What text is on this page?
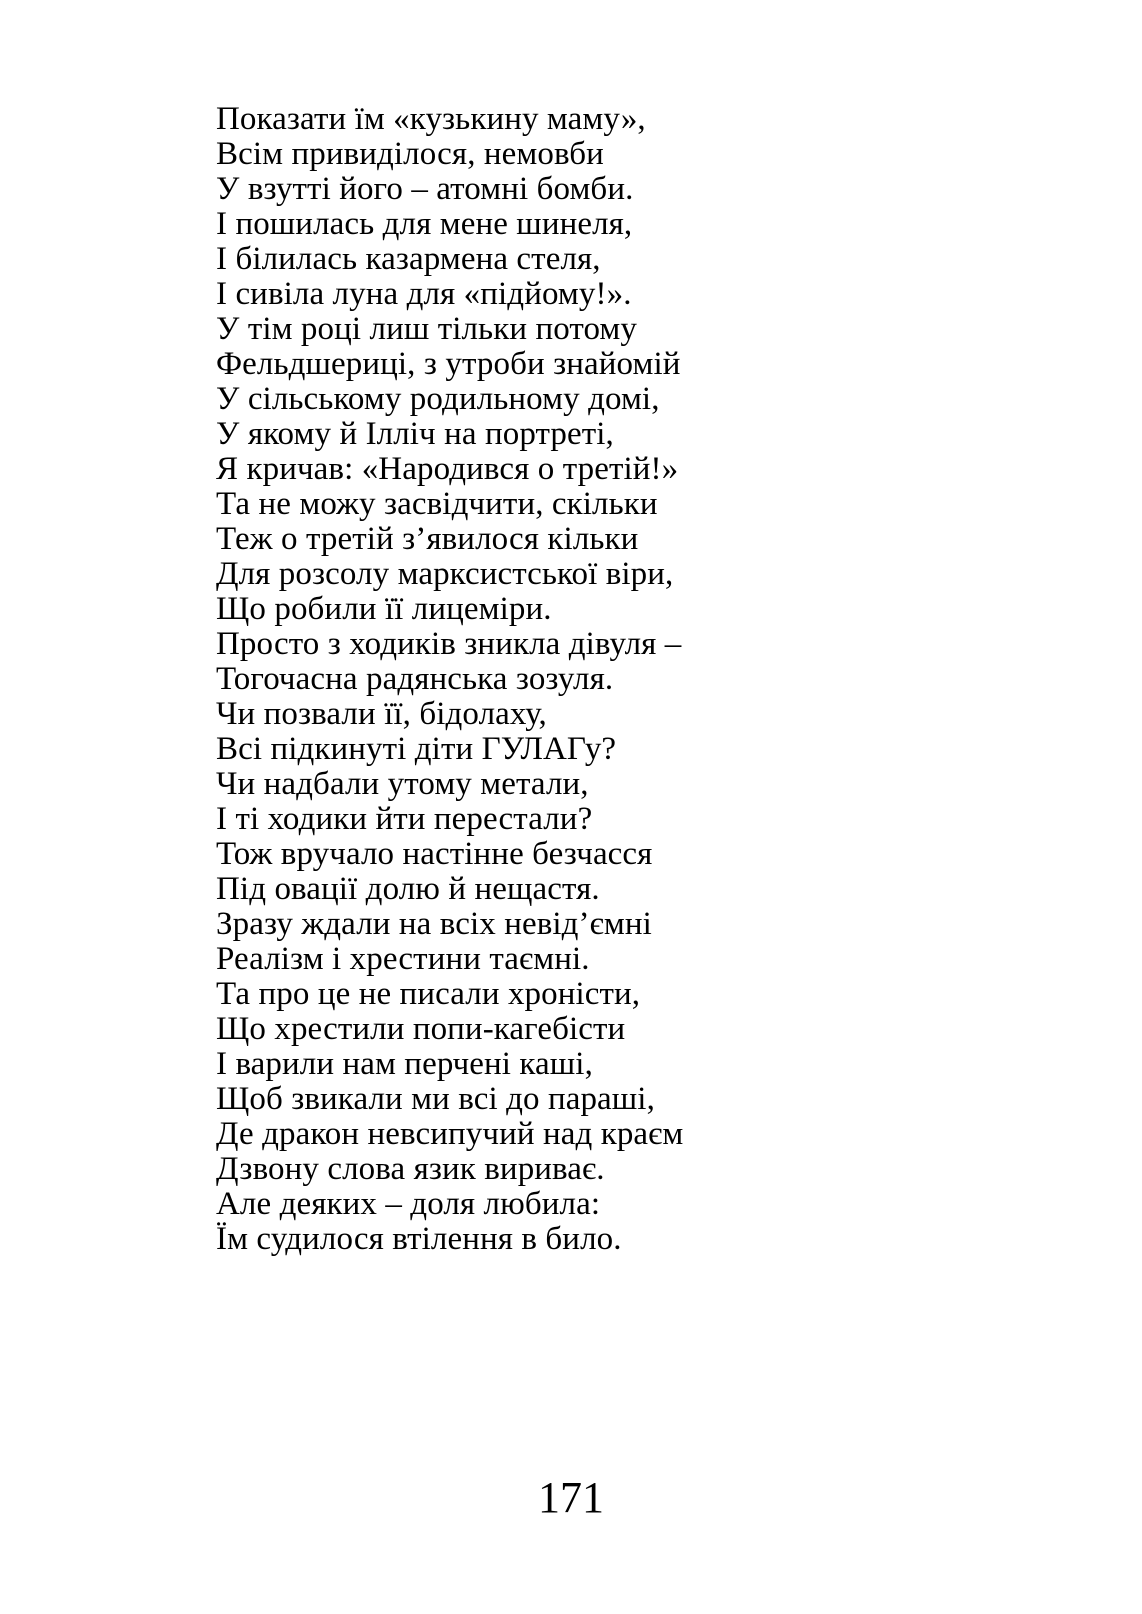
Показати їм «кузькину маму»,
Всім привиділося, немовби
У взутті його – атомні бомби.
І пошилась для мене шинеля,
І білилась казармена стеля,
І сивіла луна для «підйому!».
У тім році лиш тільки потому
Фельдшериці, з утроби знайомій
У сільському родильному домі,
У якому й Ілліч на портреті,
Я кричав: «Народився о третій!»
Та не можу засвідчити, скільки
Теж о третій з’явилося кільки
Для розсолу марксистської віри,
Що робили її лицеміри.
Просто з ходиків зникла дівуля –
Тогочасна радянська зозуля.
Чи позвали її, бідолаху,
Всі підкинуті діти ГУЛАГу?
Чи надбали утому метали,
І ті ходики йти перестали?
Тож вручало настінне безчасся
Під овації долю й нещастя.
Зразу ждали на всіх невід’ємні
Реалізм і хрестини таємні.
Та про це не писали хроністи,
Що хрестили попи-кагебісти
І варили нам перчені каші,
Щоб звикали ми всі до параші,
Де дракон невсипучий над краєм
Дзвону слова язик вириває.
Але деяких – доля любила:
Їм судилося втілення в било.
171
